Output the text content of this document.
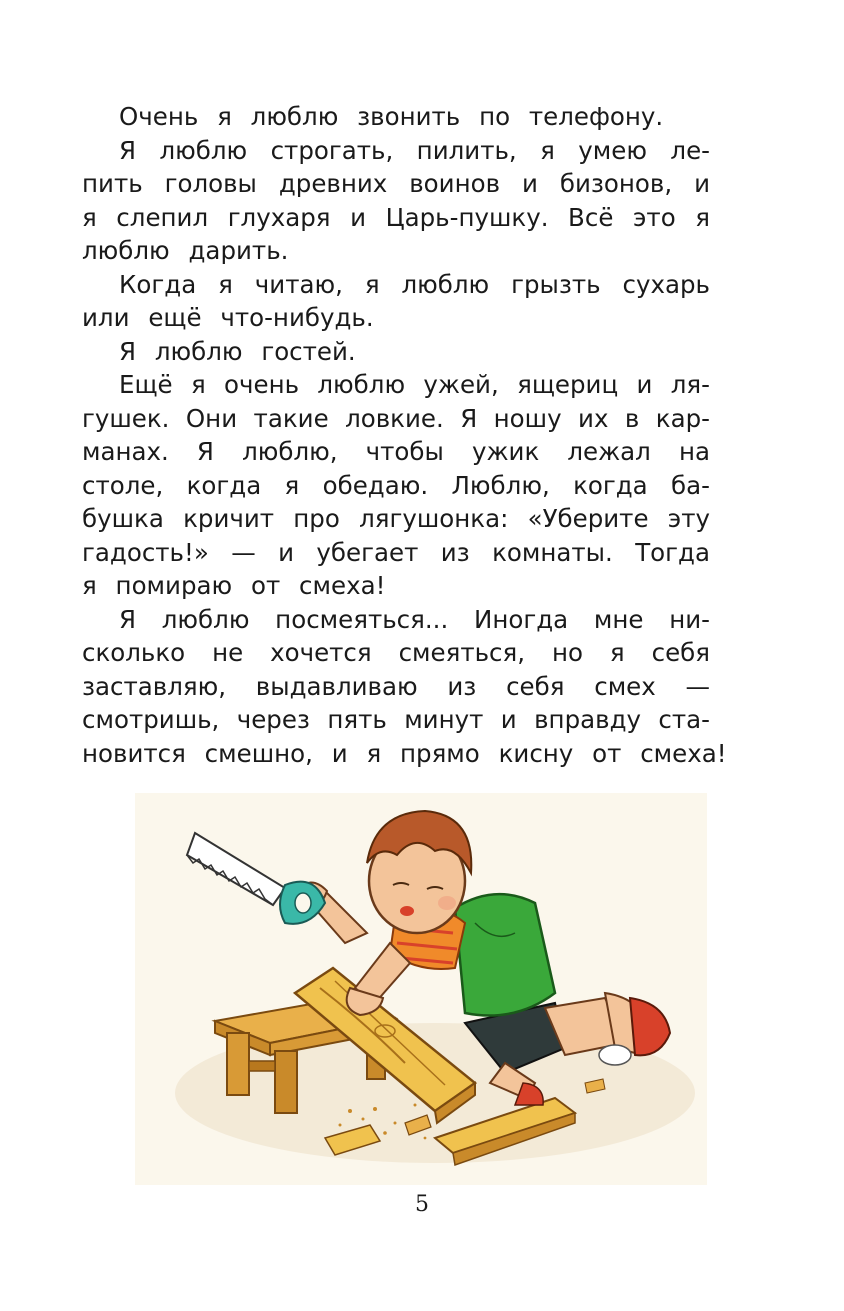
Очень я люблю звонить по телефону.
Я люблю строгать, пилить, я умею ле-
пить головы древних воинов и бизонов, и
я слепил глухаря и Царь-пушку. Всё это я
люблю дарить.
Когда я читаю, я люблю грызть сухарь
или ещё что-нибудь.
Я люблю гостей.
Ещё я очень люблю ужей, ящериц и ля-
гушек. Они такие ловкие. Я ношу их в кар-
манах. Я люблю, чтобы ужик лежал на
столе, когда я обедаю. Люблю, когда ба-
бушка кричит про лягушонка: «Уберите эту
гадость!» — и убегает из комнаты. Тогда
я помираю от смеха!
Я люблю посмеяться... Иногда мне ни-
сколько не хочется смеяться, но я себя
заставляю, выдавливаю из себя смех —
смотришь, через пять минут и вправду ста-
новится смешно, и я прямо кисну от смеха!
5
